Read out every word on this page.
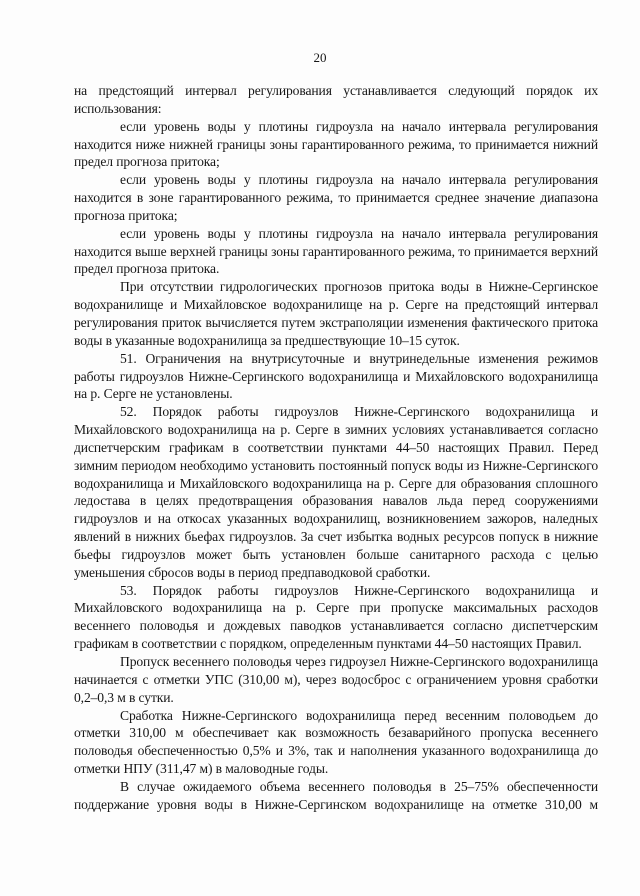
20

на предстоящий интервал регулирования устанавливается следующий порядок их использования:

если уровень воды у плотины гидроузла на начало интервала регулирования находится ниже нижней границы зоны гарантированного режима, то принимается нижний предел прогноза притока;

если уровень воды у плотины гидроузла на начало интервала регулирования находится в зоне гарантированного режима, то принимается среднее значение диапазона прогноза притока;

если уровень воды у плотины гидроузла на начало интервала регулирования находится выше верхней границы зоны гарантированного режима, то принимается верхний предел прогноза притока.

При отсутствии гидрологических прогнозов притока воды в Нижне-Сергинское водохранилище и Михайловское водохранилище на р. Серге на предстоящий интервал регулирования приток вычисляется путем экстраполяции изменения фактического притока воды в указанные водохранилища за предшествующие 10–15 суток.

51. Ограничения на внутрисуточные и внутринедельные изменения режимов работы гидроузлов Нижне-Сергинского водохранилища и Михайловского водохранилища на р. Серге не установлены.

52. Порядок работы гидроузлов Нижне-Сергинского водохранилища и Михайловского водохранилища на р. Серге в зимних условиях устанавливается согласно диспетчерским графикам в соответствии пунктами 44–50 настоящих Правил. Перед зимним периодом необходимо установить постоянный попуск воды из Нижне-Сергинского водохранилища и Михайловского водохранилища на р. Серге для образования сплошного ледостава в целях предотвращения образования навалов льда перед сооружениями гидроузлов и на откосах указанных водохранилищ, возникновением зажоров, наледных явлений в нижних бьефах гидроузлов. За счет избытка водных ресурсов попуск в нижние бьефы гидроузлов может быть установлен больше санитарного расхода с целью уменьшения сбросов воды в период предпаводковой сработки.

53. Порядок работы гидроузлов Нижне-Сергинского водохранилища и Михайловского водохранилища на р. Серге при пропуске максимальных расходов весеннего половодья и дождевых паводков устанавливается согласно диспетчерским графикам в соответствии с порядком, определенным пунктами 44–50 настоящих Правил.

Пропуск весеннего половодья через гидроузел Нижне-Сергинского водохранилища начинается с отметки УПС (310,00 м), через водосброс с ограничением уровня сработки 0,2–0,3 м в сутки.

Сработка Нижне-Сергинского водохранилища перед весенним половодьем до отметки 310,00 м обеспечивает как возможность безаварийного пропуска весеннего половодья обеспеченностью 0,5% и 3%, так и наполнения указанного водохранилища до отметки НПУ (311,47 м) в маловодные годы.

В случае ожидаемого объема весеннего половодья в 25–75% обеспеченности поддержание уровня воды в Нижне-Сергинском водохранилище на отметке 310,00 м
